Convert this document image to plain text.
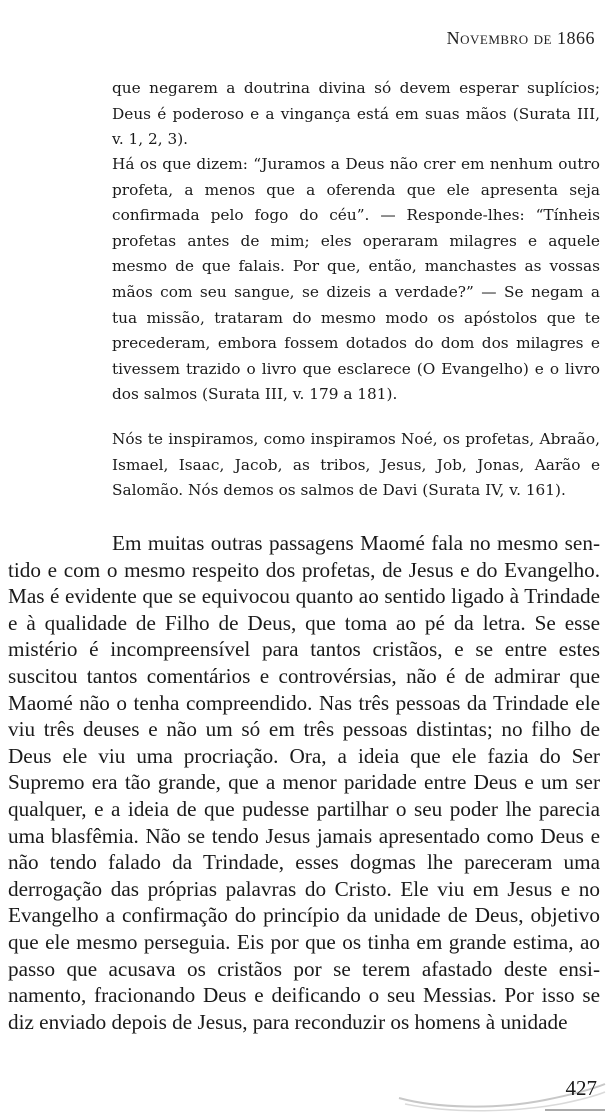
Novembro de 1866

que negarem a doutrina divina só devem esperar suplícios; Deus é poderoso e a vingança está em suas mãos (Surata III, v. 1, 2, 3).

Há os que dizem: “Juramos a Deus não crer em nenhum outro profeta, a menos que a oferenda que ele apresenta seja confirmada pelo fogo do céu”. — Responde-lhes: “Tínheis profetas antes de mim; eles operaram milagres e aquele mesmo de que falais. Por que, então, manchastes as vossas mãos com seu sangue, se dizeis a verdade?” — Se negam a tua missão, trataram do mesmo modo os apóstolos que te precederam, embora fossem dotados do dom dos milagres e tivessem trazido o livro que esclarece (O Evangelho) e o livro dos salmos (Surata III, v. 179 a 181).

Nós te inspiramos, como inspiramos Noé, os profetas, Abraão, Ismael, Isaac, Jacob, as tribos, Jesus, Job, Jonas, Aarão e Salomão. Nós demos os salmos de Davi (Surata IV, v. 161).

Em muitas outras passagens Maomé fala no mesmo sentido e com o mesmo respeito dos profetas, de Jesus e do Evangelho. Mas é evidente que se equivocou quanto ao sentido ligado à Trindade e à qualidade de Filho de Deus, que toma ao pé da letra. Se esse mistério é incompreensível para tantos cristãos, e se entre estes suscitou tantos comentários e controvérsias, não é de admirar que Maomé não o tenha compreendido. Nas três pessoas da Trindade ele viu três deuses e não um só em três pessoas distintas; no filho de Deus ele viu uma procriação. Ora, a ideia que ele fazia do Ser Supremo era tão grande, que a menor paridade entre Deus e um ser qualquer, e a ideia de que pudesse partilhar o seu poder lhe parecia uma blasfêmia. Não se tendo Jesus jamais apresentado como Deus e não tendo falado da Trindade, esses dogmas lhe pareceram uma derrogação das próprias palavras do Cristo. Ele viu em Jesus e no Evangelho a confirmação do princípio da unidade de Deus, objetivo que ele mesmo perseguia. Eis por que os tinha em grande estima, ao passo que acusava os cristãos por se terem afastado deste ensinamento, fracionando Deus e deificando o seu Messias. Por isso se diz enviado depois de Jesus, para reconduzir os homens à unidade

427
